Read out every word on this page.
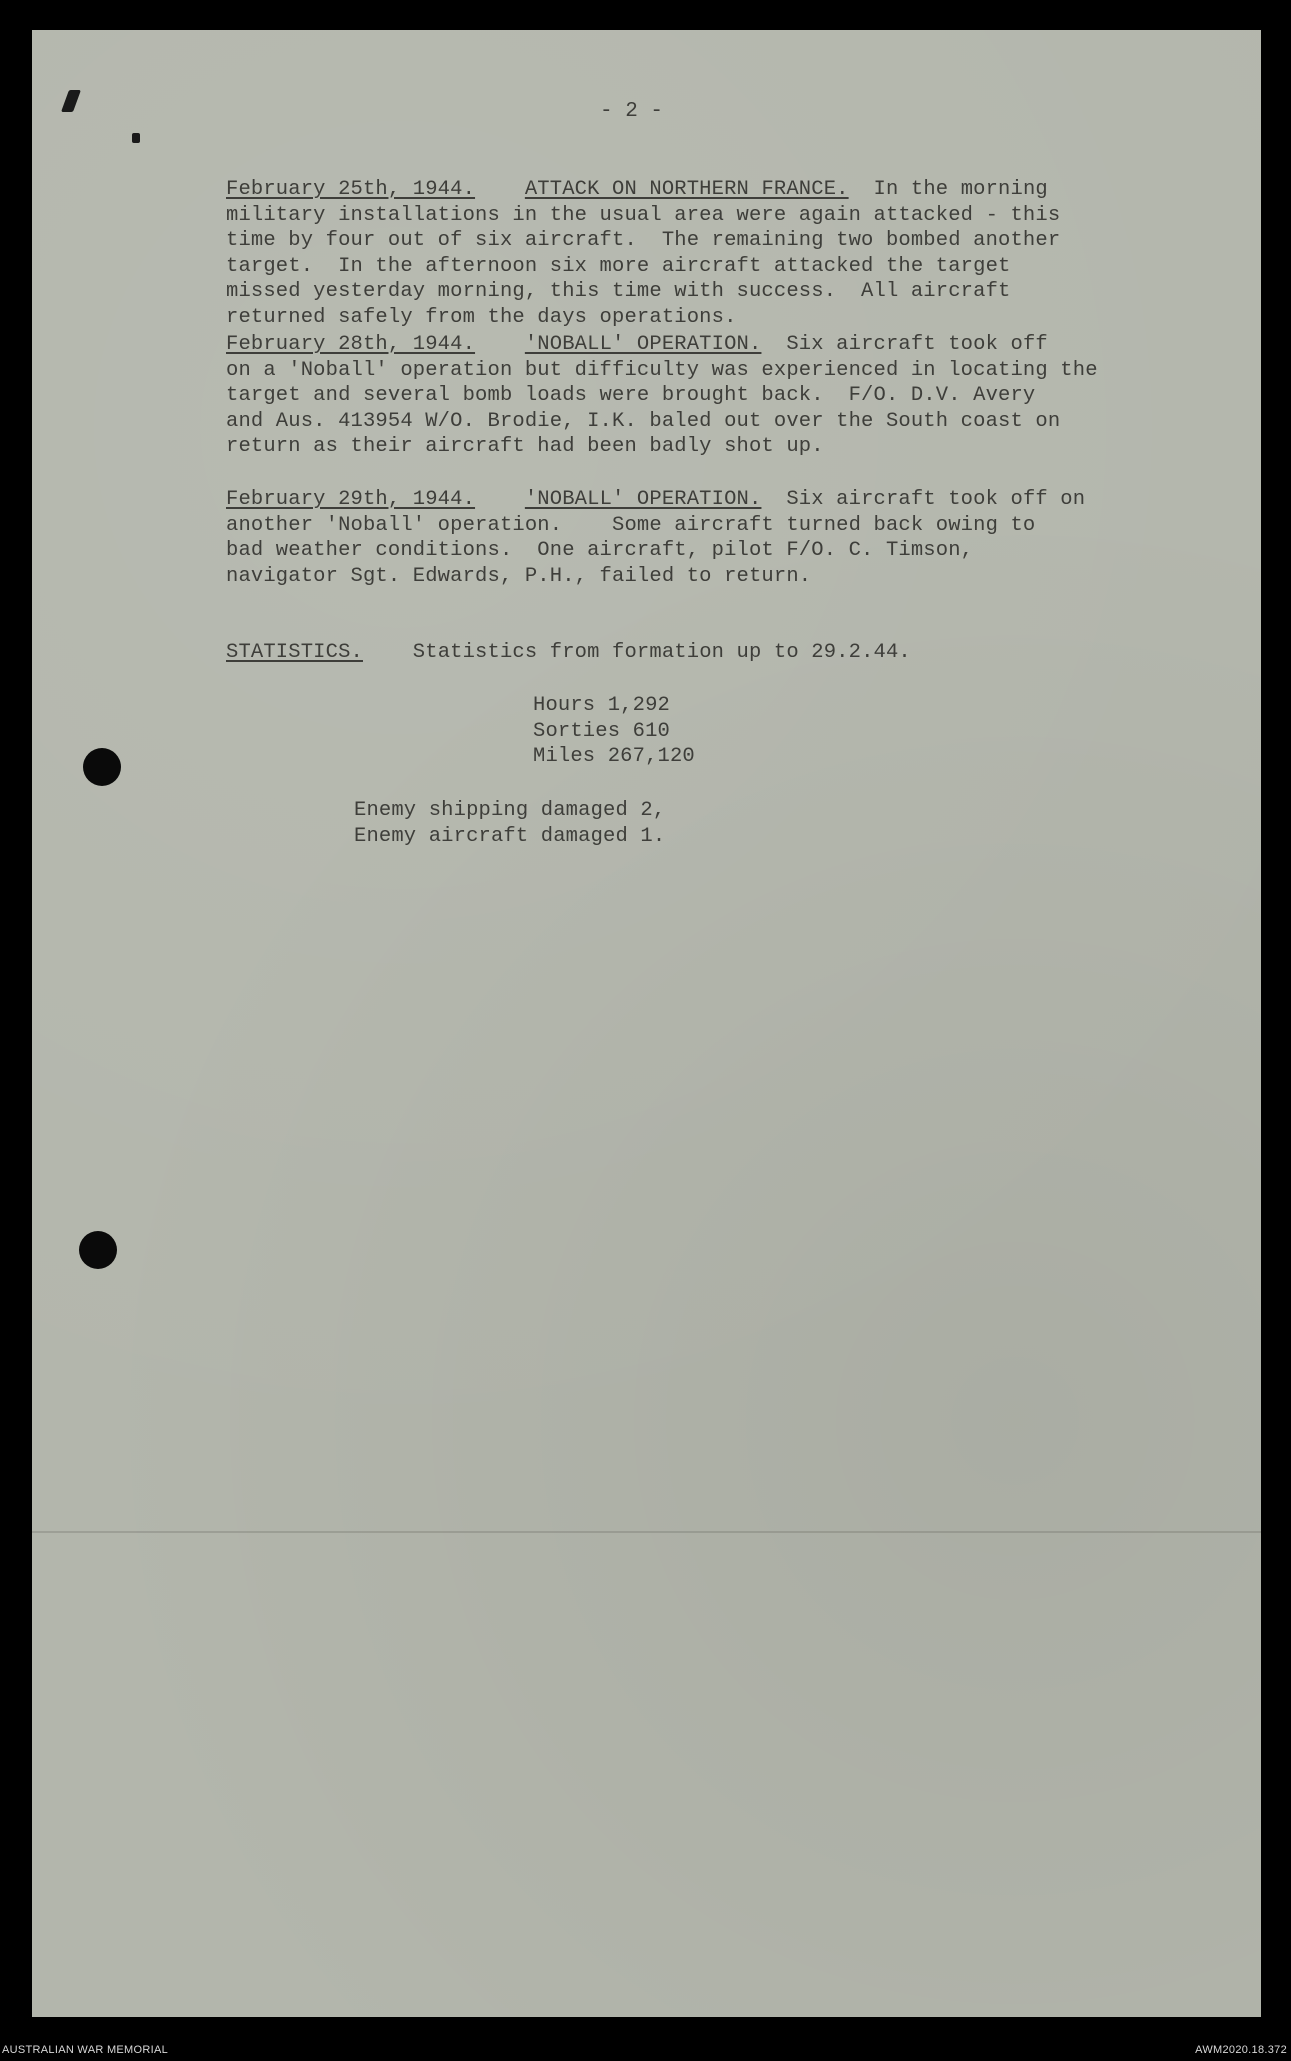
- 2 -
February 25th, 1944. ATTACK ON NORTHERN FRANCE. In the morning
military installations in the usual area were again attacked - this
time by four out of six aircraft.  The remaining two bombed another
target.  In the afternoon six more aircraft attacked the target
missed yesterday morning, this time with success.  All aircraft
returned safely from the days operations.
February 28th, 1944. 'NOBALL' OPERATION. Six aircraft took off
on a 'Noball' operation but difficulty was experienced in locating the
target and several bomb loads were brought back.  F/O. D.V. Avery
and Aus. 413954 W/O. Brodie, I.K. baled out over the South coast on
return as their aircraft had been badly shot up.
February 29th, 1944. 'NOBALL' OPERATION. Six aircraft took off on
another 'Noball' operation.    Some aircraft turned back owing to
bad weather conditions.  One aircraft, pilot F/O. C. Timson,
navigator Sgt. Edwards, P.H., failed to return.
STATISTICS. Statistics from formation up to 29.2.44.
Hours 1,292
Sorties 610
Miles 267,120
Enemy shipping damaged 2,
Enemy aircraft damaged 1.
AUSTRALIAN WAR MEMORIAL	AWM2020.18.372
